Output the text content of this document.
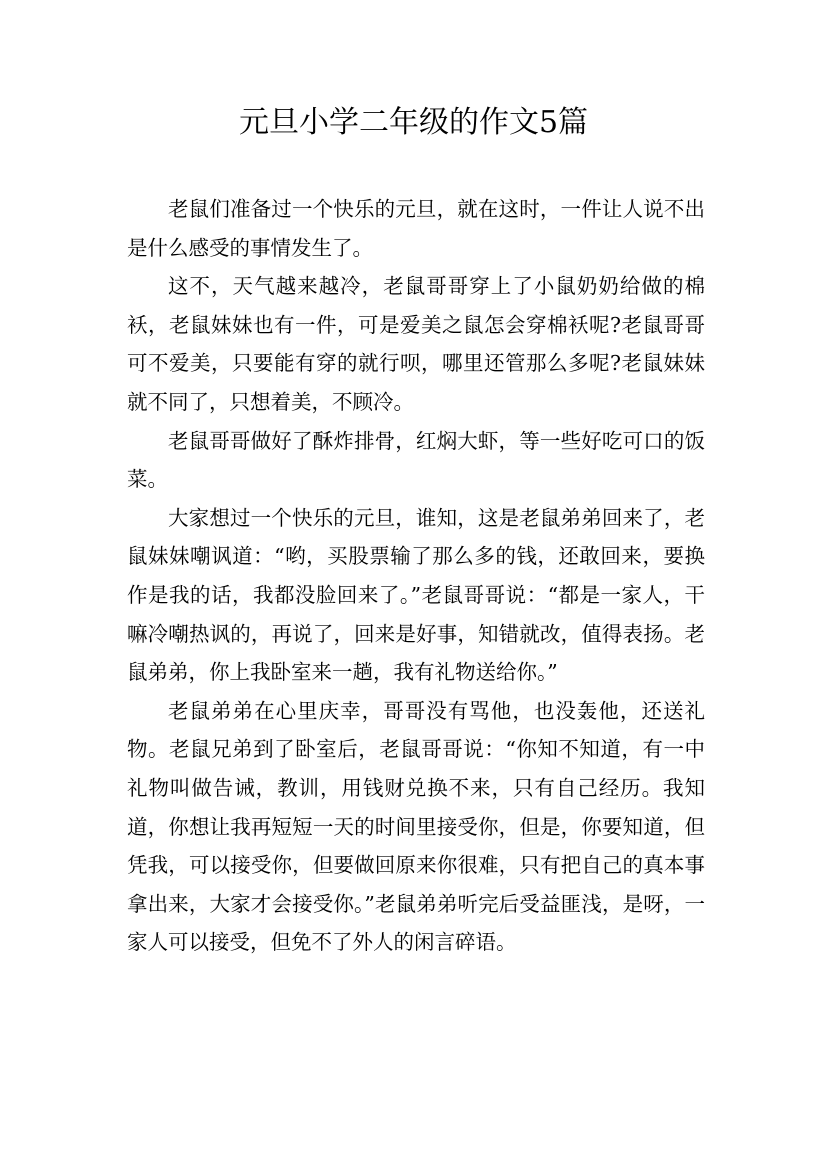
元旦小学二年级的作文5篇

老鼠们准备过一个快乐的元旦，就在这时，一件让人说不出是什么感受的事情发生了。

这不，天气越来越冷，老鼠哥哥穿上了小鼠奶奶给做的棉袄，老鼠妹妹也有一件，可是爱美之鼠怎会穿棉袄呢?老鼠哥哥可不爱美，只要能有穿的就行呗，哪里还管那么多呢?老鼠妹妹就不同了，只想着美，不顾冷。

老鼠哥哥做好了酥炸排骨，红焖大虾，等一些好吃可口的饭菜。

大家想过一个快乐的元旦，谁知，这是老鼠弟弟回来了，老鼠妹妹嘲讽道：“哟，买股票输了那么多的钱，还敢回来，要换作是我的话，我都没脸回来了。”老鼠哥哥说：“都是一家人，干嘛冷嘲热讽的，再说了，回来是好事，知错就改，值得表扬。老鼠弟弟，你上我卧室来一趟，我有礼物送给你。”

老鼠弟弟在心里庆幸，哥哥没有骂他，也没轰他，还送礼物。老鼠兄弟到了卧室后，老鼠哥哥说：“你知不知道，有一中礼物叫做告诫，教训，用钱财兑换不来，只有自己经历。我知道，你想让我再短短一天的时间里接受你，但是，你要知道，但凭我，可以接受你，但要做回原来你很难，只有把自己的真本事拿出来，大家才会接受你。”老鼠弟弟听完后受益匪浅，是呀，一家人可以接受，但免不了外人的闲言碎语。
